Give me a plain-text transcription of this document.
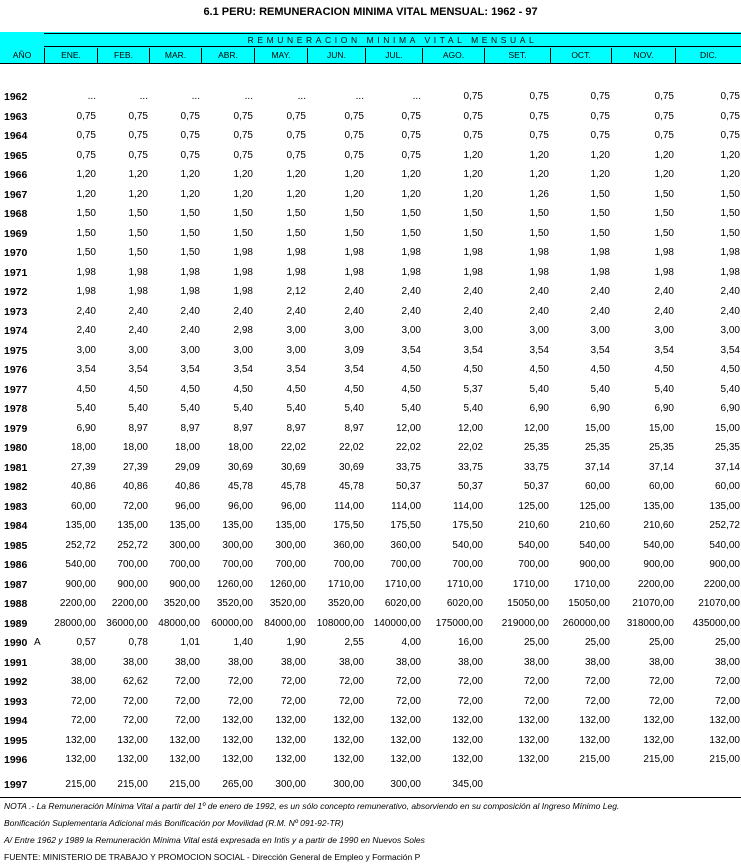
6.1 PERU: REMUNERACION MINIMA VITAL MENSUAL: 1962 - 97
REMUNERACION MINIMA VITAL MENSUAL
AÑO	ENE.	FEB.	MAR.	ABR.	MAY.	JUN.	JUL.	AGO.	SET.	OCT.	NOV.	DIC.
1962	...	...	...	...	...	...	...	0,75	0,75	0,75	0,75	0,75
1963	0,75	0,75	0,75	0,75	0,75	0,75	0,75	0,75	0,75	0,75	0,75	0,75
1964	0,75	0,75	0,75	0,75	0,75	0,75	0,75	0,75	0,75	0,75	0,75	0,75
1965	0,75	0,75	0,75	0,75	0,75	0,75	0,75	1,20	1,20	1,20	1,20	1,20
1966	1,20	1,20	1,20	1,20	1,20	1,20	1,20	1,20	1,20	1,20	1,20	1,20
1967	1,20	1,20	1,20	1,20	1,20	1,20	1,20	1,20	1,26	1,50	1,50	1,50
1968	1,50	1,50	1,50	1,50	1,50	1,50	1,50	1,50	1,50	1,50	1,50	1,50
1969	1,50	1,50	1,50	1,50	1,50	1,50	1,50	1,50	1,50	1,50	1,50	1,50
1970	1,50	1,50	1,50	1,98	1,98	1,98	1,98	1,98	1,98	1,98	1,98	1,98
1971	1,98	1,98	1,98	1,98	1,98	1,98	1,98	1,98	1,98	1,98	1,98	1,98
1972	1,98	1,98	1,98	1,98	2,12	2,40	2,40	2,40	2,40	2,40	2,40	2,40
1973	2,40	2,40	2,40	2,40	2,40	2,40	2,40	2,40	2,40	2,40	2,40	2,40
1974	2,40	2,40	2,40	2,98	3,00	3,00	3,00	3,00	3,00	3,00	3,00	3,00
1975	3,00	3,00	3,00	3,00	3,00	3,09	3,54	3,54	3,54	3,54	3,54	3,54
1976	3,54	3,54	3,54	3,54	3,54	3,54	4,50	4,50	4,50	4,50	4,50	4,50
1977	4,50	4,50	4,50	4,50	4,50	4,50	4,50	5,37	5,40	5,40	5,40	5,40
1978	5,40	5,40	5,40	5,40	5,40	5,40	5,40	5,40	6,90	6,90	6,90	6,90
1979	6,90	8,97	8,97	8,97	8,97	8,97	12,00	12,00	12,00	15,00	15,00	15,00
1980	18,00	18,00	18,00	18,00	22,02	22,02	22,02	22,02	25,35	25,35	25,35	25,35
1981	27,39	27,39	29,09	30,69	30,69	30,69	33,75	33,75	33,75	37,14	37,14	37,14
1982	40,86	40,86	40,86	45,78	45,78	45,78	50,37	50,37	50,37	60,00	60,00	60,00
1983	60,00	72,00	96,00	96,00	96,00	114,00	114,00	114,00	125,00	125,00	135,00	135,00
1984	135,00 135,00 135,00 135,00 135,00	175,50	175,50	175,50	210,60	210,60	210,60	252,72
1985	252,72 252,72 300,00 300,00 300,00	360,00	360,00	540,00	540,00	540,00	540,00	540,00
1986	540,00 700,00 700,00 700,00 700,00	700,00	700,00	700,00	700,00	900,00	900,00	900,00
1987	900,00 900,00 900,00 1260,00 1260,00 1710,00 1710,00	1710,00	1710,00 1710,00	2200,00	2200,00
1988	2200,00 2200,00 3520,00 3520,00 3520,00 3520,00 6020,00	6020,00 15050,00 15050,00 21070,00 21070,00
1989	28000,00 36000,00 48000,00 60000,00 84000,00 108000,00 140000,00 175000,00 219000,00 260000,00 318000,00 435000,00
1990 A	0,57	0,78	1,01	1,40	1,90	2,55	4,00	16,00	25,00	25,00	25,00	25,00
1991	38,00	38,00	38,00	38,00	38,00	38,00	38,00	38,00	38,00	38,00	38,00	38,00
1992	38,00	62,62	72,00	72,00	72,00	72,00	72,00	72,00	72,00	72,00	72,00	72,00
1993	72,00	72,00	72,00	72,00	72,00	72,00	72,00	72,00	72,00	72,00	72,00	72,00
1994	72,00	72,00	72,00 132,00 132,00	132,00	132,00	132,00	132,00	132,00	132,00	132,00
1995	132,00 132,00 132,00 132,00 132,00	132,00	132,00	132,00	132,00	132,00	132,00	132,00
1996	132,00 132,00 132,00 132,00 132,00	132,00	132,00	132,00	132,00	215,00	215,00	215,00
1997	215,00 215,00 215,00 265,00 300,00	300,00	300,00	345,00
NOTA .- La Remuneración Mínima Vital a partir del 1º de enero de 1992, es un sólo concepto remunerativo, absorviendo en su composición al Ingreso Mínimo Leg.
Bonificación Suplementaria Adicional más Bonificación por Movilidad (R.M. Nº 091-92-TR)
A/ Entre 1962 y 1989 la Remuneración Mínima Vital está expresada en Intis y a partir de 1990 en Nuevos Soles
FUENTE: MINISTERIO DE TRABAJO Y PROMOCION SOCIAL - Dirección General de Empleo y Formación P
